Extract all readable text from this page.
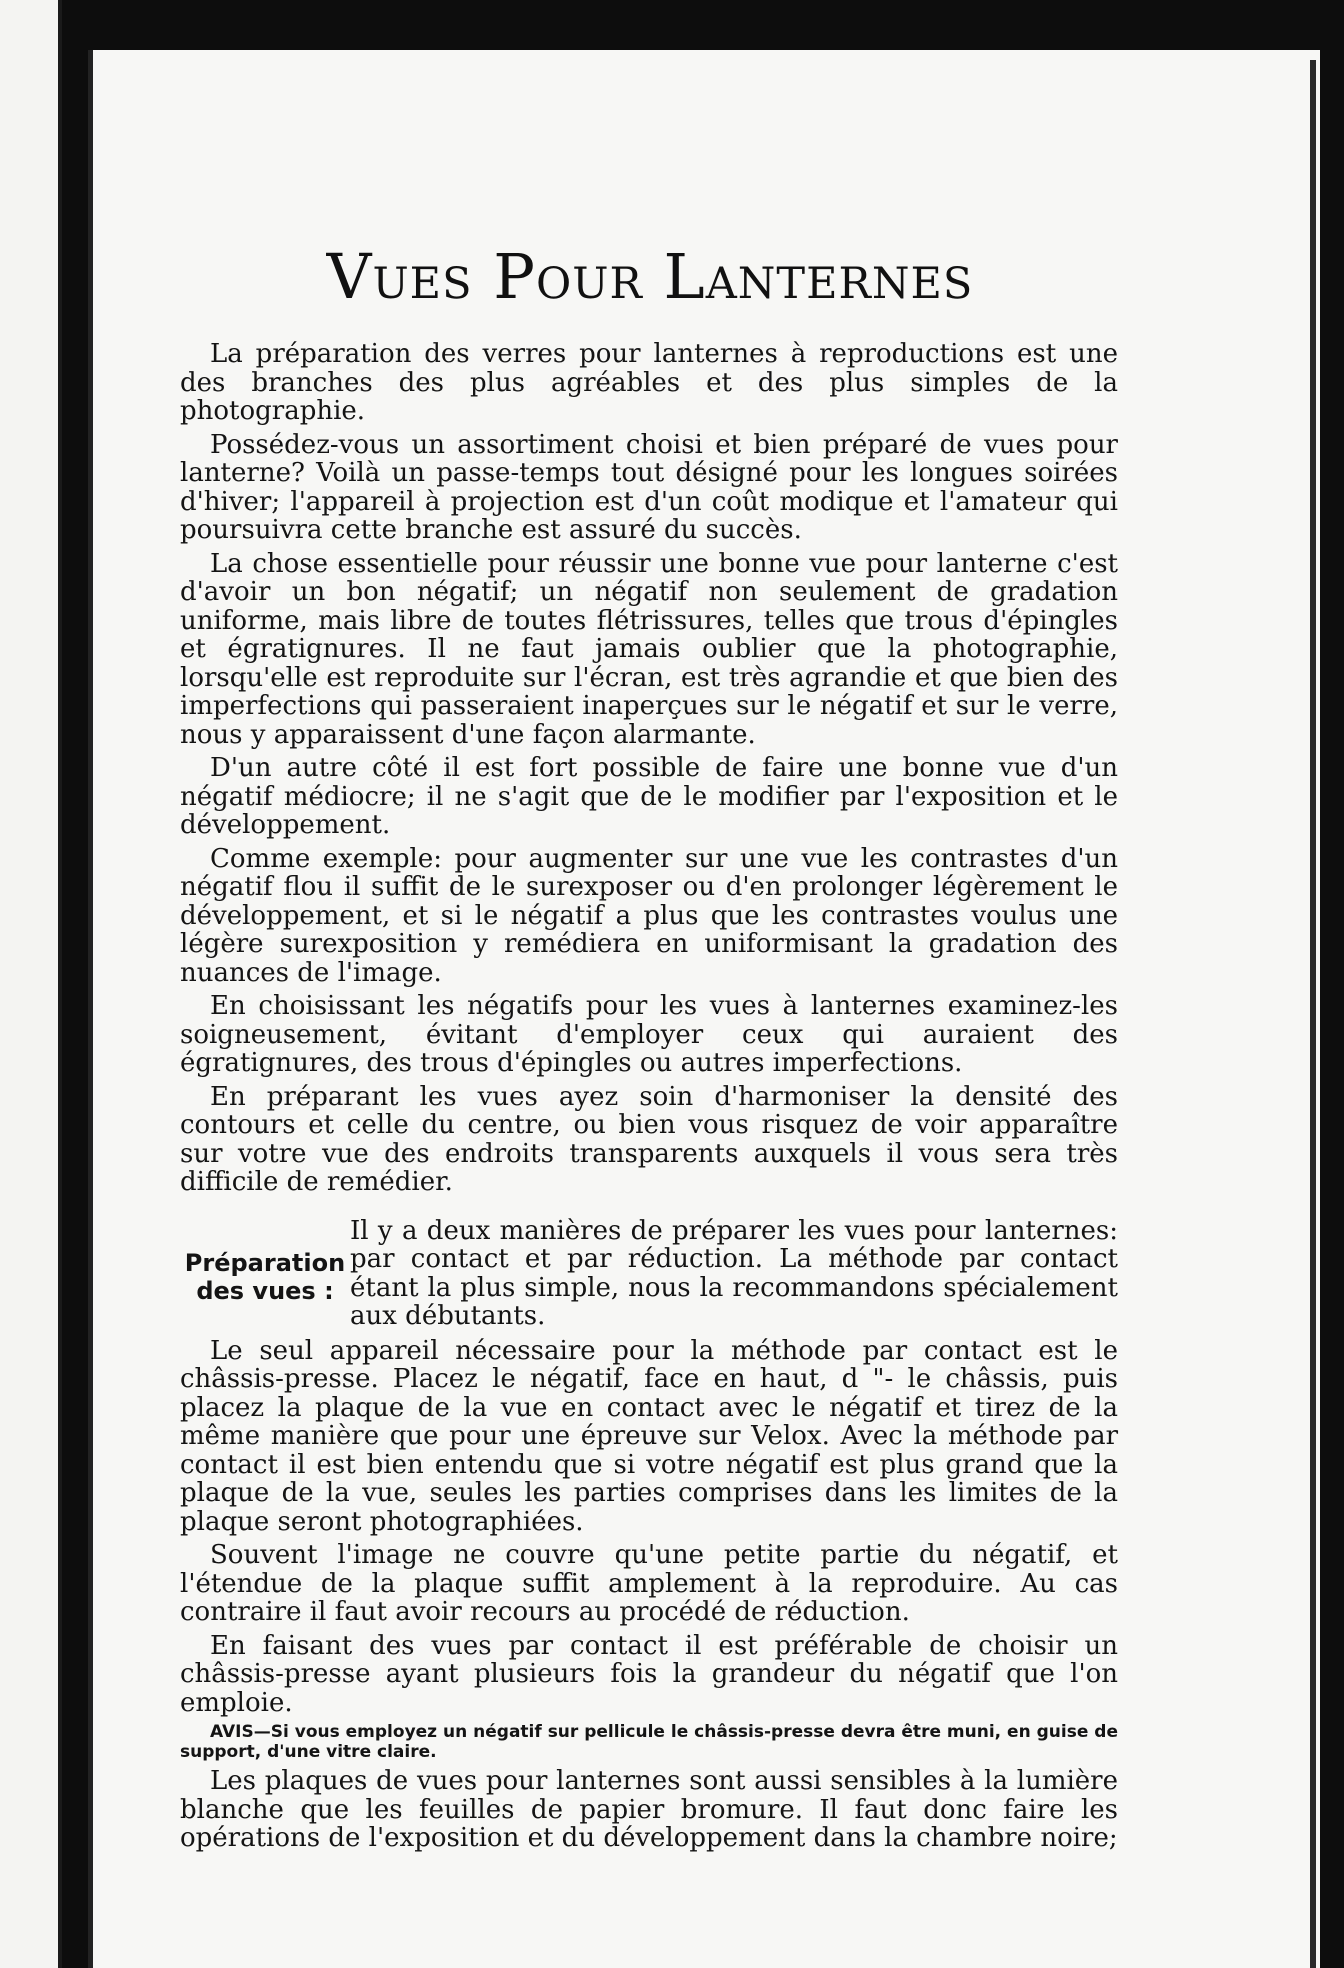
Vues Pour Lanternes

La préparation des verres pour lanternes à reproductions est une des branches des plus agréables et des plus simples de la photographie.

Possédez-vous un assortiment choisi et bien préparé de vues pour lanterne? Voilà un passe-temps tout désigné pour les longues soirées d'hiver; l'appareil à projection est d'un coût modique et l'amateur qui poursuivra cette branche est assuré du succès.

La chose essentielle pour réussir une bonne vue pour lanterne c'est d'avoir un bon négatif; un négatif non seulement de gradation uniforme, mais libre de toutes flétrissures, telles que trous d'épingles et égratignures. Il ne faut jamais oublier que la photographie, lorsqu'elle est reproduite sur l'écran, est très agrandie et que bien des imperfections qui passeraient inaperçues sur le négatif et sur le verre, nous y apparaissent d'une façon alarmante.

D'un autre côté il est fort possible de faire une bonne vue d'un négatif médiocre; il ne s'agit que de le modifier par l'exposition et le développement.

Comme exemple: pour augmenter sur une vue les contrastes d'un négatif flou il suffit de le surexposer ou d'en prolonger légèrement le développement, et si le négatif a plus que les contrastes voulus une légère surexposition y remédiera en uniformisant la gradation des nuances de l'image.

En choisissant les négatifs pour les vues à lanternes examinez-les soigneusement, évitant d'employer ceux qui auraient des égratignures, des trous d'épingles ou autres imperfections.

En préparant les vues ayez soin d'harmoniser la densité des contours et celle du centre, ou bien vous risquez de voir apparaître sur votre vue des endroits transparents auxquels il vous sera très difficile de remédier.

Préparation
des vues :
Il y a deux manières de préparer les vues pour lanternes: par contact et par réduction. La méthode par contact étant la plus simple, nous la recommandons spécialement aux débutants.

Le seul appareil nécessaire pour la méthode par contact est le châssis-presse. Placez le négatif, face en haut, d "- le châssis, puis placez la plaque de la vue en contact avec le négatif et tirez de la même manière que pour une épreuve sur Velox. Avec la méthode par contact il est bien entendu que si votre négatif est plus grand que la plaque de la vue, seules les parties comprises dans les limites de la plaque seront photographiées.

Souvent l'image ne couvre qu'une petite partie du négatif, et l'étendue de la plaque suffit amplement à la reproduire. Au cas contraire il faut avoir recours au procédé de réduction.

En faisant des vues par contact il est préférable de choisir un châssis-presse ayant plusieurs fois la grandeur du négatif que l'on emploie.

AVIS—Si vous employez un négatif sur pellicule le châssis-presse devra être muni, en guise de support, d'une vitre claire.

Les plaques de vues pour lanternes sont aussi sensibles à la lumière blanche que les feuilles de papier bromure. Il faut donc faire les opérations de l'exposition et du développement dans la chambre noire;
